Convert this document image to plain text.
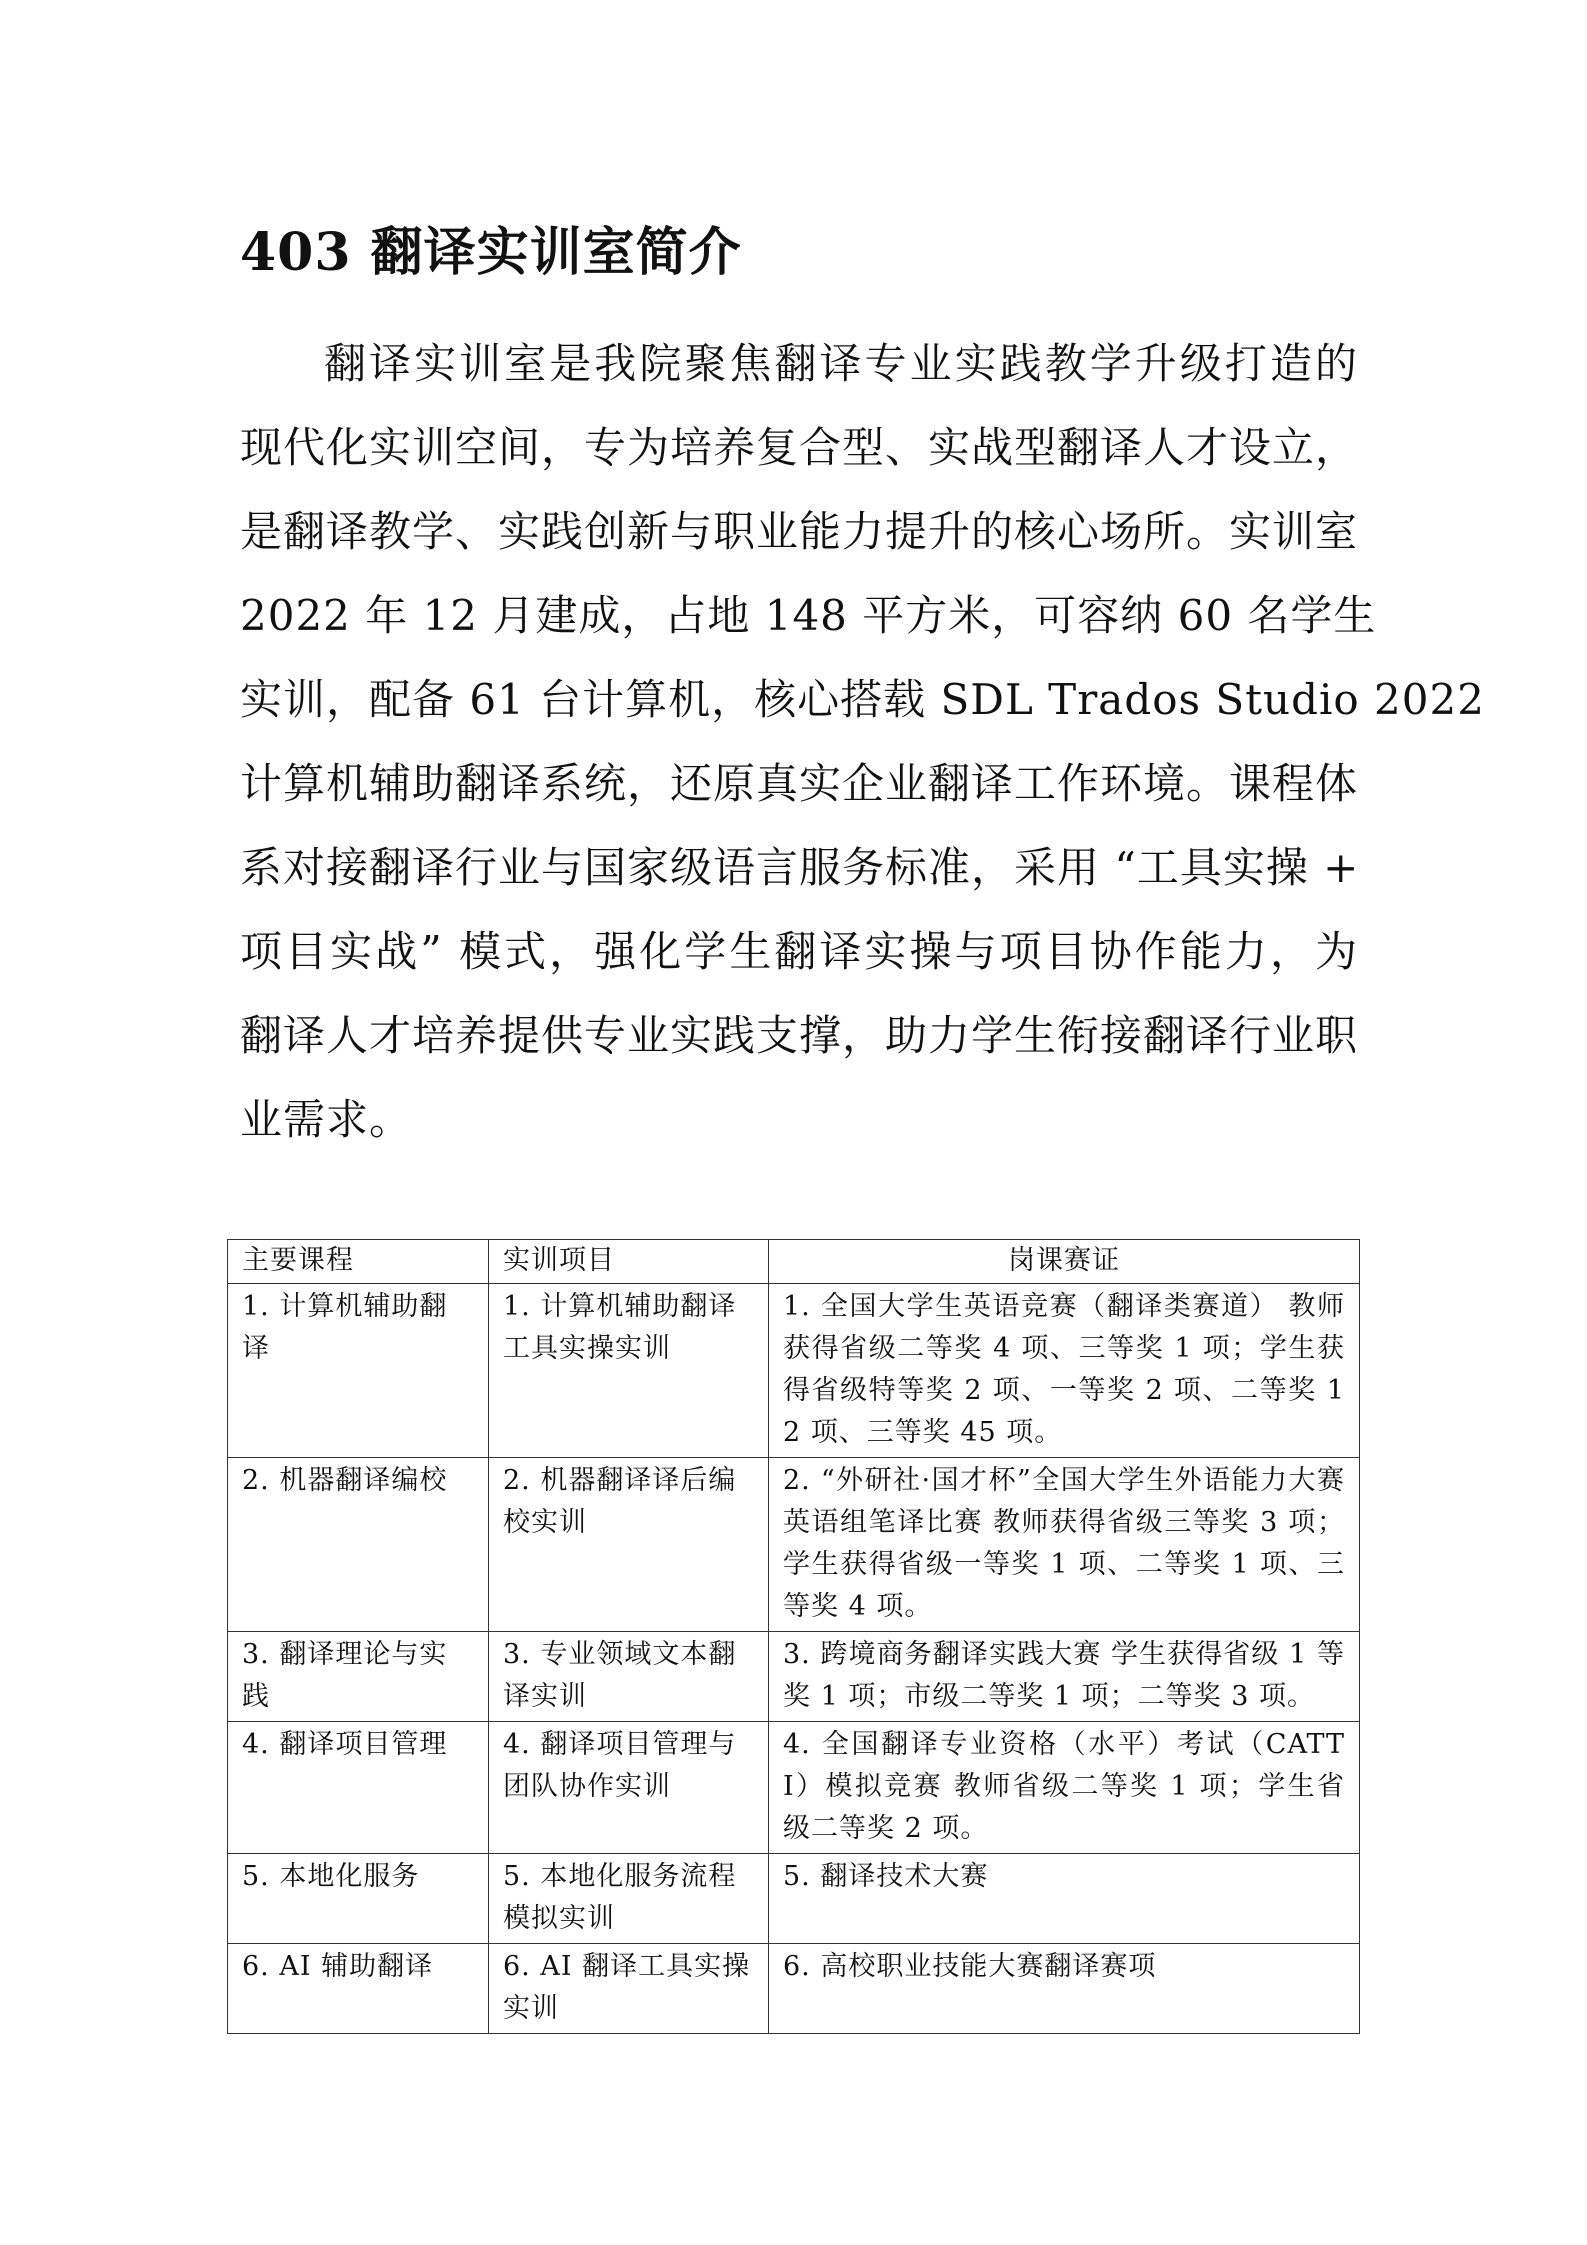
403 翻译实训室简介
翻译实训室是我院聚焦翻译专业实践教学升级打造的
现代化实训空间，专为培养复合型、实战型翻译人才设立，
是翻译教学、实践创新与职业能力提升的核心场所。实训室
2022 年 12 月建成，占地 148 平方米，可容纳 60 名学生
实训，配备 61 台计算机，核心搭载 SDL Trados Studio 2022
计算机辅助翻译系统，还原真实企业翻译工作环境。课程体
系对接翻译行业与国家级语言服务标准，采用 “工具实操 +
项目实战” 模式，强化学生翻译实操与项目协作能力，为
翻译人才培养提供专业实践支撑，助力学生衔接翻译行业职
业需求。
主要课程	实训项目	岗课赛证
1. 计算机辅助翻译	1. 计算机辅助翻译工具实操实训	1. 全国大学生英语竞赛（翻译类赛道） 教师获得省级二等奖 4 项、三等奖 1 项；学生获得省级特等奖 2 项、一等奖 2 项、二等奖 12 项、三等奖 45 项。
2. 机器翻译编校	2. 机器翻译译后编校实训	2. “外研社·国才杯”全国大学生外语能力大赛英语组笔译比赛 教师获得省级三等奖 3 项；学生获得省级一等奖 1 项、二等奖 1 项、三等奖 4 项。
3. 翻译理论与实践	3. 专业领域文本翻译实训	3. 跨境商务翻译实践大赛 学生获得省级 1 等奖 1 项；市级二等奖 1 项；二等奖 3 项。
4. 翻译项目管理	4. 翻译项目管理与团队协作实训	4. 全国翻译专业资格（水平）考试（CATTI）模拟竞赛 教师省级二等奖 1 项；学生省级二等奖 2 项。
5. 本地化服务	5. 本地化服务流程模拟实训	5. 翻译技术大赛
6. AI 辅助翻译	6. AI 翻译工具实操实训	6. 高校职业技能大赛翻译赛项
